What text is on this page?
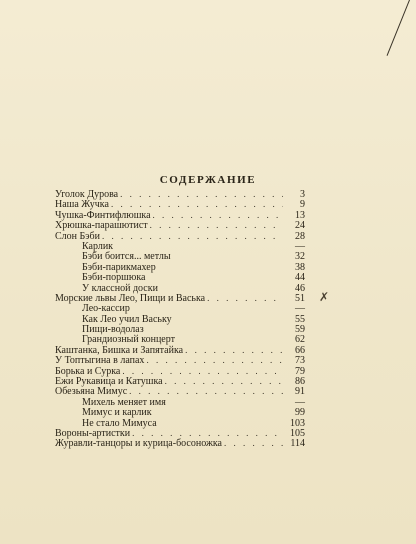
СОДЕРЖАНИЕ
Уголок Дурова . . .	3
Наша Жучка . . .	9
Чушка-Финтифлюшка . . .	13
Хрюшка-парашютист . . .	24
Слон Бэби . . .	28
Карлик	—
Бэби боится... метлы	32
Бэби-парикмахер	38
Бэби-поршюка	44
У классной доски	46
Морские львы Лео, Пищи и Васька . . .	51 ✗
Лео-кассир	—
Как Лео учил Ваську	55
Пищи-водолаз	59
Грандиозный концерт	62
Каштанка, Бишка и Запятайка . . .	66
У Топтыгина в лапах . . .	73
Борька и Сурка . . .	79
Ежи Рукавица и Катушка . . .	86
Обезьяна Мимус . . .	91
Михель меняет имя	—
Мимус и карлик	99
Не стало Мимуса	103
Вороны-артистки . . .	105
Журавли-танцоры и курица-босоножка . . .	114
